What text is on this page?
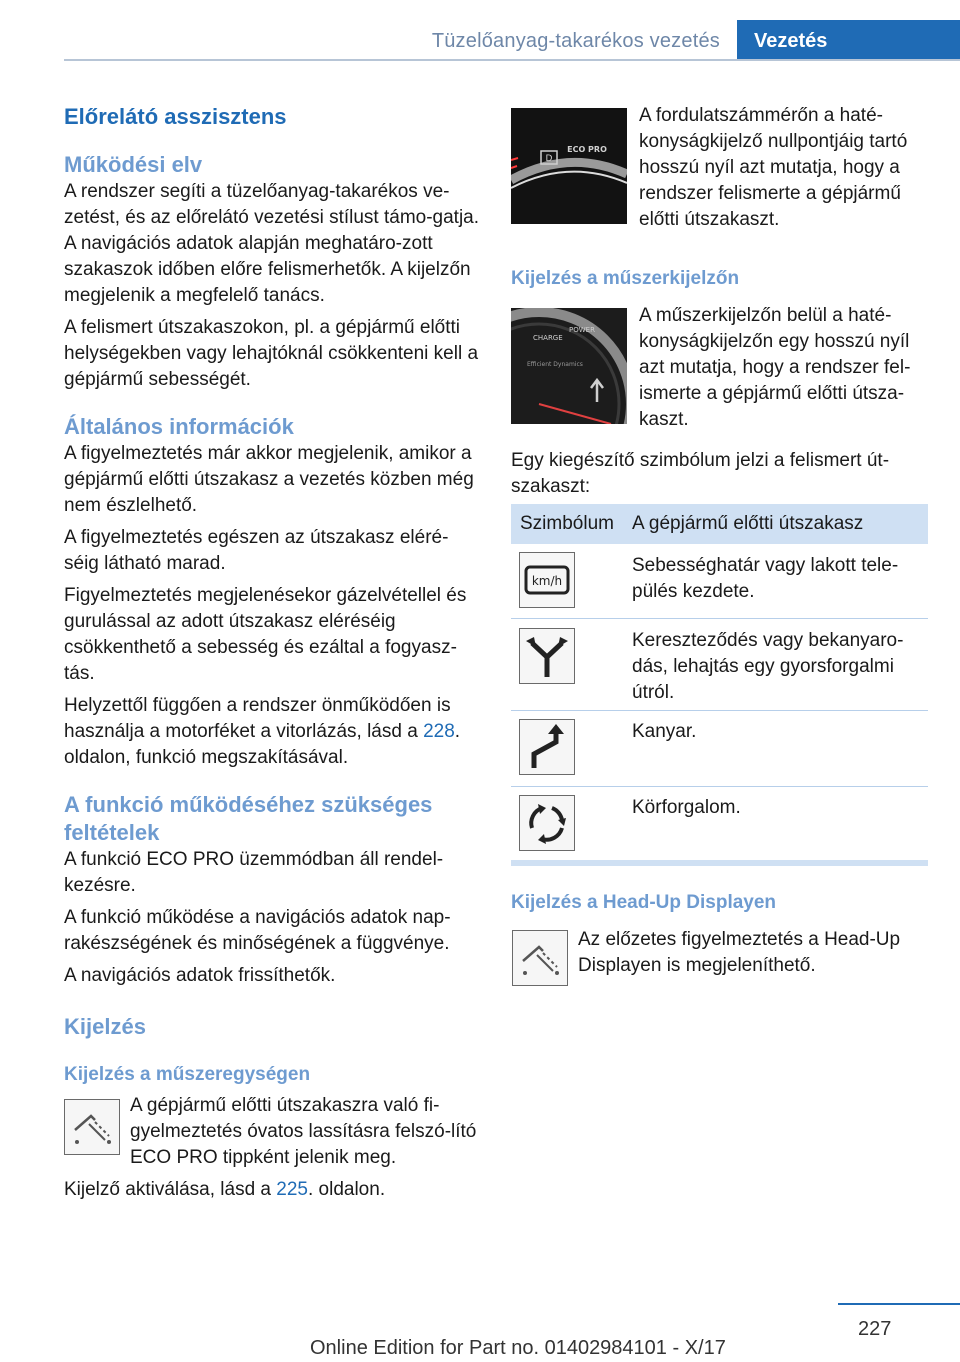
Tüzelőanyag-takarékos vezetés Vezetés
Előrelátó asszisztens
Működési elv

A rendszer segíti a tüzelőanyag-takarékos ve-zetést, és az előrelátó vezetési stílust támo-gatja. A navigációs adatok alapján meghatáro-zott szakaszok időben előre felismerhetők. A kijelzőn megjelenik a megfelelő tanács.

A felismert útszakaszokon, pl. a gépjármű előtti helységekben vagy lehajtóknál csökkenteni kell a gépjármű sebességét.

Általános információk

A figyelmeztetés már akkor megjelenik, amikor a gépjármű előtti útszakasz a vezetés közben még nem észlelhető.

A figyelmeztetés egészen az útszakasz eléré-séig látható marad.

Figyelmeztetés megjelenésekor gázelvétellel és gurulással az adott útszakasz eléréséig csökkenthető a sebesség és ezáltal a fogyasz-tás.

Helyzettől függően a rendszer önműködően is használja a motorféket a vitorlázás, lásd a 228. oldalon, funkció megszakításával.

A funkció működéséhez szükséges feltételek

A funkció ECO PRO üzemmódban áll rendel-kezésre.

A funkció működése a navigációs adatok nap-rakészségének és minőségének a függvénye.

A navigációs adatok frissíthetők.

Kijelzés
Kijelzés a műszeregységen

A gépjármű előtti útszakaszra való fi-gyelmeztetés óvatos lassításra felszó-lító ECO PRO tippként jelenik meg.

Kijelző aktiválása, lásd a 225. oldalon.

D
ECO PRO
A fordulatszámmérőn a haté-konyságkijelző nullpontjáig tartó hosszú nyíl azt mutatja, hogy a rendszer felismerte a gépjármű előtti útszakaszt.
Kijelzés a műszerkijelzőn
CHARGE
POWER
Efficient Dynamics
A műszerkijelzőn belül a haté-konyságkijelzőn egy hosszú nyíl azt mutatja, hogy a rendszer fel-ismerte a gépjármű előtti útsza-kaszt.
Egy kiegészítő szimbólum jelzi a felismert út-szakaszt:
Szimbólum A gépjármű előtti útszakasz
km/h
Sebességhatár vagy lakott tele-pülés kezdete.
Kereszteződés vagy bekanyaro-dás, lehajtás egy gyorsforgalmi útról.
Kanyar.
Körforgalom.
Kijelzés a Head-Up Displayen
Az előzetes figyelmeztetés a Head-Up Displayen is megjeleníthető.
227
Online Edition for Part no. 01402984101 - X/17
